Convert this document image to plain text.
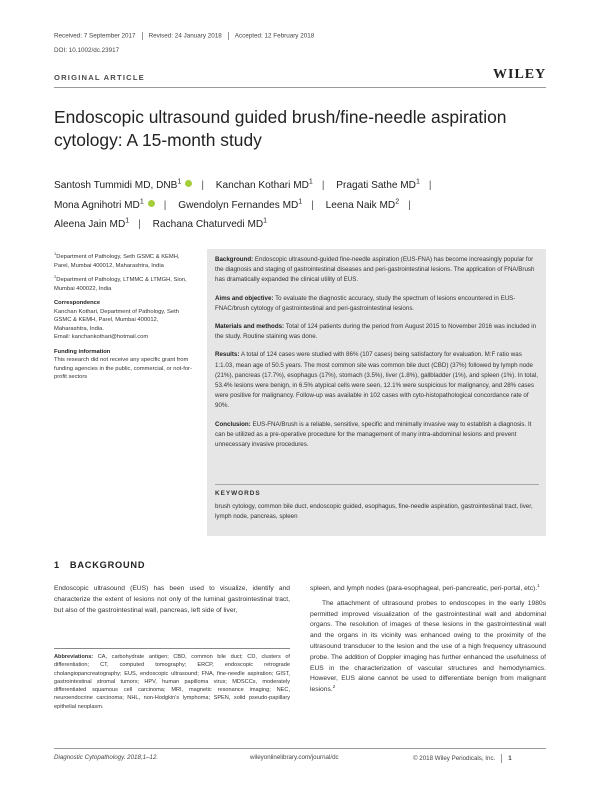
Received: 7 September 2017 Revised: 24 January 2018 Accepted: 12 February 2018
DOI: 10.1002/dc.23917
ORIGINAL ARTICLE	WILEY
Endoscopic ultrasound guided brush/fine-needle aspiration cytology: A 15-month study
Santosh Tummidi MD, DNB$^1$ | Kanchan Kothari $MD^1$ | Pragati Sathe $MD^1$ |
Mona Agnihotri $MD^1$ | Gwendolyn Fernandes $MD^1$ | Leena Naik $MD^2$ |
Aleena Jain $MD^1$ | Rachana Chaturvedi $MD^1$

$^1$Department of Pathology, Seth GSMC & KEMH, Parel, Mumbai 400012, Maharashtra, India

$^2$Department of Pathology, LTMMC & LTMGH, Sion, Mumbai 400022, India

Correspondence
Kanchan Kothari, Department of Pathology, Seth GSMC & KEMH, Parel, Mumbai 400012, Maharashtra, India.
Email: kanchankothari@hotmail.com

Funding information
This research did not receive any specific grant from funding agencies in the public, commercial, or not-for-profit sectors

Background: Endoscopic ultrasound-guided fine-needle aspiration (EUS-FNA) has become increasingly popular for the diagnosis and staging of gastrointestinal diseases and peri-gastrointestinal lesions. The application of FNA/Brush has dramatically expanded the clinical utility of EUS.

Aims and objective: To evaluate the diagnostic accuracy, study the spectrum of lesions encountered in EUS-FNAC/brush cytology of gastrointestinal and peri-gastrointestinal lesions.

Materials and methods: Total of 124 patients during the period from August 2015 to November 2016 was included in the study. Routine staining was done.

Results: A total of 124 cases were studied with 86% (107 cases) being satisfactory for evaluation. M:F ratio was 1:1.03, mean age of 50.5 years. The most common site was common bile duct (CBD) (37%) followed by lymph node (21%), pancreas (17.7%), esophagus (17%), stomach (3.5%), liver (1.8%), gallbladder (1%), and spleen (1%). In total, 53.4% lesions were benign, in 6.5% atypical cells were seen, 12.1% were suspicious for malignancy, and 28% cases were positive for malignancy. Follow-up was available in 102 cases with cyto-histopathological concordance rate of 90%.

Conclusion: EUS-FNA/Brush is a reliable, sensitive, specific and minimally invasive way to establish a diagnosis. It can be utilized as a pre-operative procedure for the management of many intra-abdominal lesions and prevent unnecessary invasive procedures.

KEYWORDS
brush cytology, common bile duct, endoscopic guided, esophagus, fine-needle aspiration, gastrointestinal tract, liver, lymph node, pancreas, spleen
1 BACKGROUND

Endoscopic ultrasound (EUS) has been used to visualize, identify and characterize the extent of lesions not only of the luminal gastrointestinal tract, but also of the gastrointestinal wall, pancreas, left side of liver,

spleen, and lymph nodes (para-esophageal, peri-pancreatic, peri-portal, etc).$^1$

The attachment of ultrasound probes to endoscopes in the early 1980s permitted improved visualization of the gastrointestinal wall and abdominal organs. The resolution of images of these lesions in the gastrointestinal wall and the organs in its vicinity was enhanced owing to the proximity of the ultrasound transducer to the lesion and the use of a high frequency ultrasound probe. The addition of Doppler imaging has further enhanced the usefulness of EUS in the characterization of vascular structures and hemodynamics. However, EUS alone cannot be used to differentiate benign from malignant lesions.$^2$

Abbreviations: CA, carbohydrate antigen; CBD, common bile duct; CD, clusters of differentiation; CT, computed tomography; ERCP, endoscopic retrograde cholangiopancreatography; EUS, endoscopic ultrasound; FNA, fine-needle aspiration; GIST, gastrointestinal stromal tumors; HPV, human papilloma virus; MDSCCs, moderately differentiated squamous cell carcinoma; MRI, magnetic resonance imaging; NEC, neuroendocrine carcinoma; NHL, non-Hodgkin's lymphoma; SPEN, solid pseudo-papillary epithelial neoplasm.
Diagnostic Cytopathology. 2018;1–12.	wileyonlinelibrary.com/journal/dc	© 2018 Wiley Periodicals, Inc. 1
